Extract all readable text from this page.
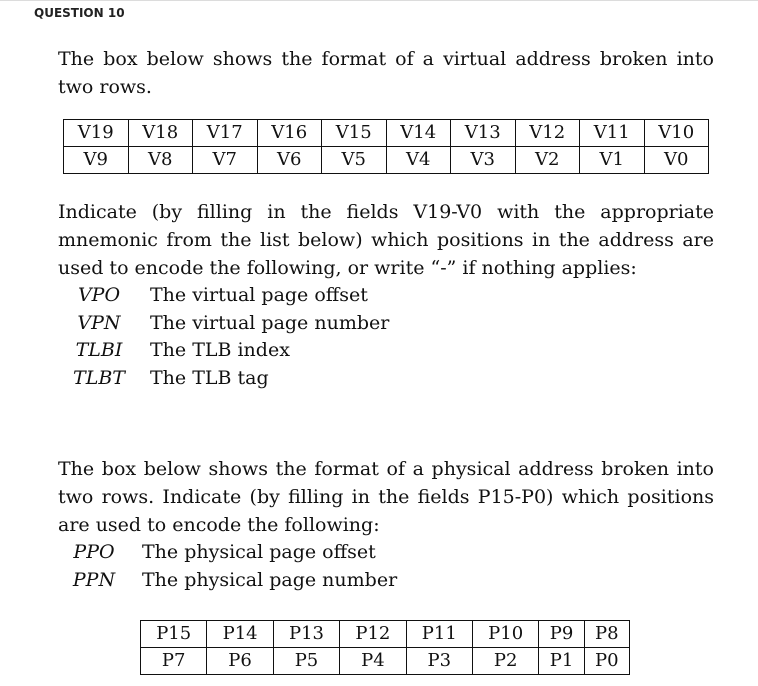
QUESTION 10

The box below shows the format of a virtual address broken into two rows.

V19	V18	V17	V16	V15	V14	V13	V12	V11	V10
V9	V8	V7	V6	V5	V4	V3	V2	V1	V0

Indicate (by filling in the fields V19-V0 with the appropriate mnemonic from the list below) which positions in the address are used to encode the following, or write “-” if nothing applies:

VPO The virtual page offset
VPN The virtual page number
TLBI The TLB index
TLBT The TLB tag

The box below shows the format of a physical address broken into two rows. Indicate (by filling in the fields P15-P0) which positions are used to encode the following:

PPO The physical page offset
PPN The physical page number
P15	P14	P13	P12	P11	P10	P9	P8
P7	P6	P5	P4	P3	P2	P1	P0
